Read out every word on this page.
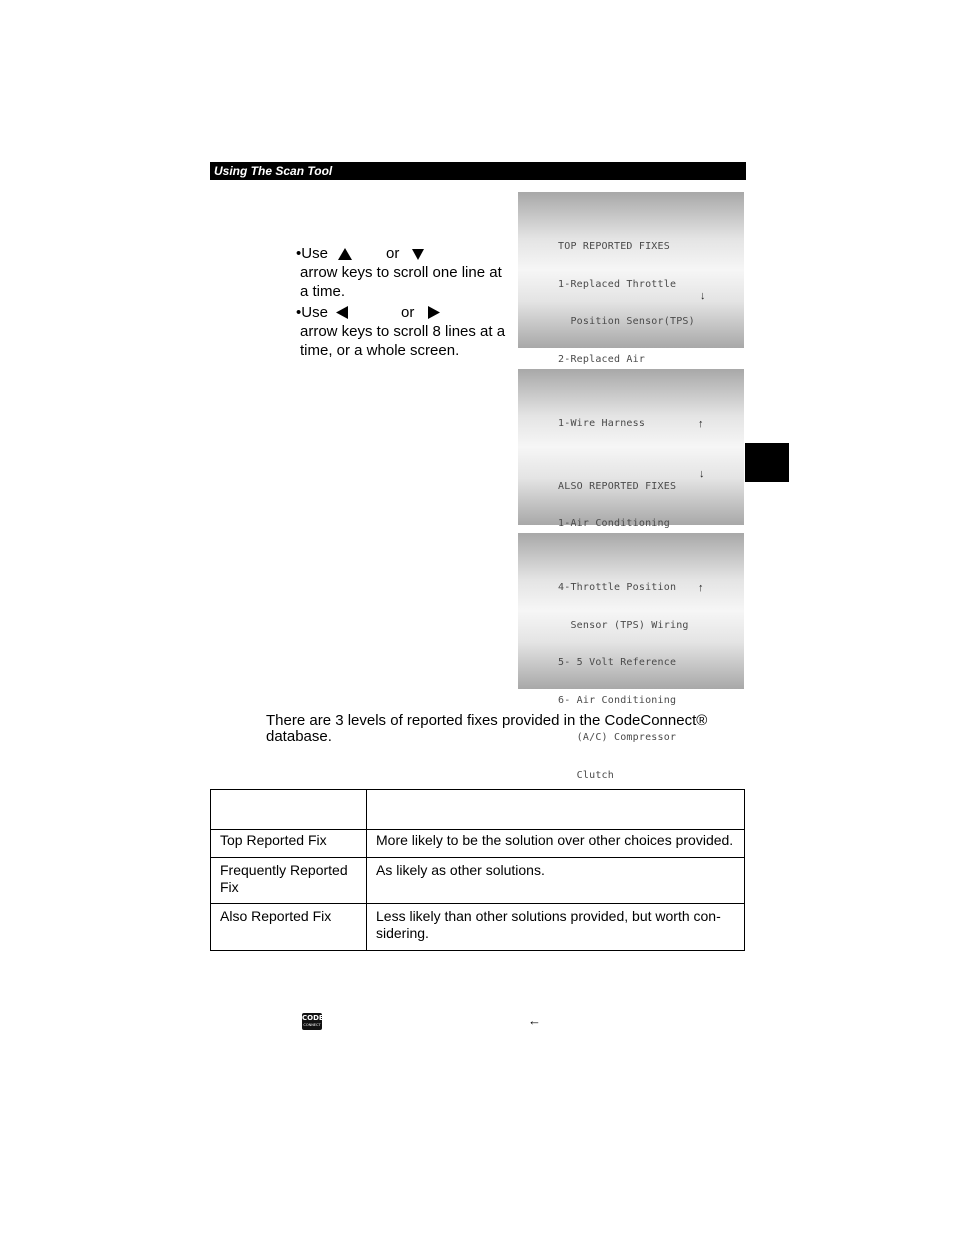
Using The Scan Tool
•Use	or
arrow keys to scroll one line at
a time.
•Use	or
arrow keys to scroll 8 lines at a
time, or a whole screen.

TOP REPORTED FIXES

1-Replaced Throttle

Position Sensor(TPS)

2-Replaced Air

↓

1-Wire Harness

ALSO REPORTED FIXES

1-Air Conditioning

↑
↓

4-Throttle Position

Sensor (TPS) Wiring

5- 5 Volt Reference

6- Air Conditioning

(A/C) Compressor

Clutch

↑

There are 3 levels of reported fixes provided in the CodeConnect® database.

Top Reported Fix	More likely to be the solution over other choices provided.
Frequently Reported Fix	As likely as other solutions.
Also Reported Fix	Less likely than other solutions provided, but worth con-sidering.
CODE
CONNECT	←
